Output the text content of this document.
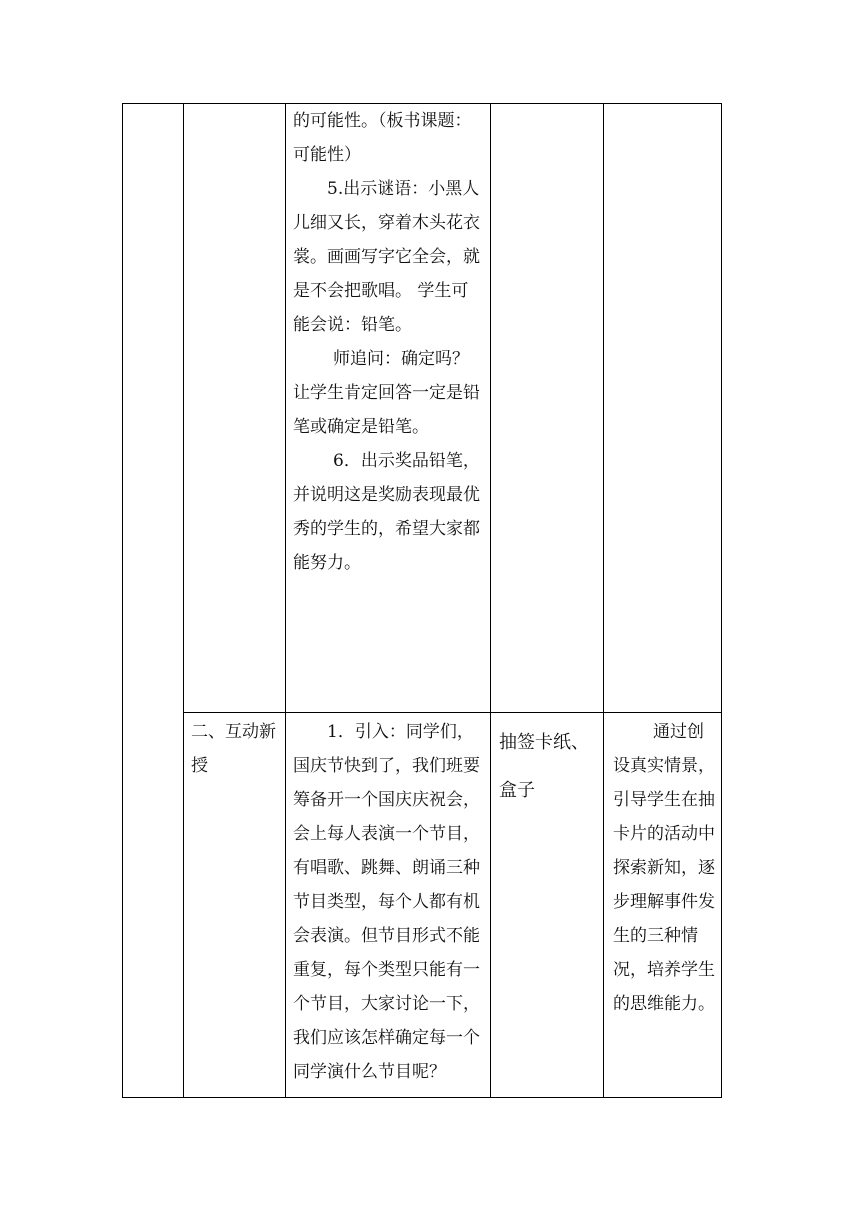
的可能性。（板书课题：可能性）

5.出示谜语：小黑人儿细又长，穿着木头花衣裳。画画写字它全会，就是不会把歌唱。 学生可能会说：铅笔。

师追问：确定吗？让学生肯定回答一定是铅笔或确定是铅笔。

6．出示奖品铅笔，并说明这是奖励表现最优秀的学生的，希望大家都能努力。

二、互动新授

1．引入：同学们，国庆节快到了，我们班要筹备开一个国庆庆祝会，会上每人表演一个节目，有唱歌、跳舞、朗诵三种节目类型，每个人都有机会表演。但节目形式不能重复，每个类型只能有一个节目，大家讨论一下，我们应该怎样确定每一个同学演什么节目呢？

抽签卡纸、盒子

通过创设真实情景，引导学生在抽卡片的活动中探索新知，逐步理解事件发生的三种情况，培养学生的思维能力。
